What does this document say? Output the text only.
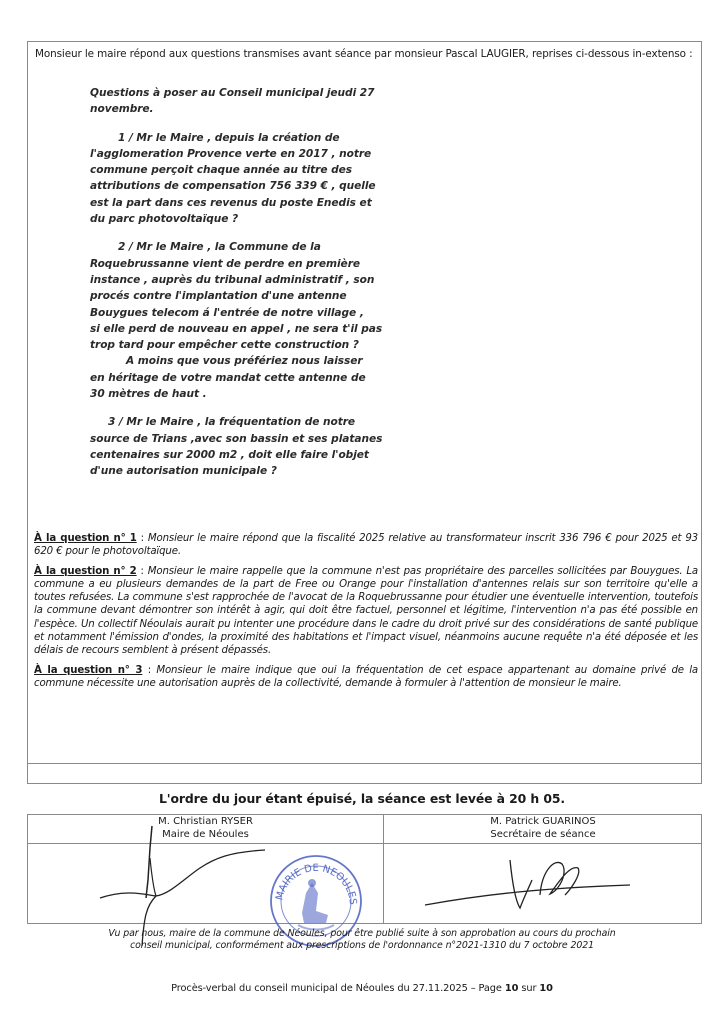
Monsieur le maire répond aux questions transmises avant séance par monsieur Pascal LAUGIER, reprises ci-dessous in-extenso :

Questions à poser au Conseil municipal jeudi 27

novembre.

1 / Mr le Maire , depuis la création de

l'agglomeration Provence verte en 2017 , notre

commune perçoit chaque année au titre des

attributions de compensation 756 339 € , quelle

est la part dans ces revenus du poste Enedis et

du parc photovoltaïque ?

2 / Mr le Maire , la Commune de la

Roquebrussanne vient de perdre en première

instance , auprès du tribunal administratif , son

procés contre l'implantation d'une antenne

Bouygues telecom á l'entrée de notre village ,

si elle perd de nouveau en appel , ne sera t'il pas

trop tard pour empêcher cette construction ?

A moins que vous préfériez nous laisser

en héritage de votre mandat cette antenne de

30 mètres de haut .

3 / Mr le Maire , la fréquentation de notre

source de Trians ,avec son bassin et ses platanes

centenaires sur 2000 m2 , doit elle faire l'objet

d'une autorisation municipale ?

À la question n° 1 : Monsieur le maire répond que la fiscalité 2025 relative au transformateur inscrit 336 796 € pour 2025 et 93 620 € pour le photovoltaïque.

À la question n° 2 : Monsieur le maire rappelle que la commune n'est pas propriétaire des parcelles sollicitées par Bouygues. La commune a eu plusieurs demandes de la part de Free ou Orange pour l'installation d'antennes relais sur son territoire qu'elle a toutes refusées. La commune s'est rapprochée de l'avocat de la Roquebrussanne pour étudier une éventuelle intervention, toutefois la commune devant démontrer son intérêt à agir, qui doit être factuel, personnel et légitime, l'intervention n'a pas été possible en l'espèce. Un collectif Néoulais aurait pu intenter une procédure dans le cadre du droit privé sur des considérations de santé publique et notamment l'émission d'ondes, la proximité des habitations et l'impact visuel, néanmoins aucune requête n'a été déposée et les délais de recours semblent à présent dépassés.

À la question n° 3 : Monsieur le maire indique que oui la fréquentation de cet espace appartenant au domaine privé de la commune nécessite une autorisation auprès de la collectivité, demande à formuler à l'attention de monsieur le maire.

L'ordre du jour étant épuisé, la séance est levée à 20 h 05.
M. Christian RYSER
Maire de Néoules
M. Patrick GUARINOS
Secrétaire de séance
MAIRIE DE NEOULES
Vu par nous, maire de la commune de Néoules, pour être publié suite à son approbation au cours du prochain
conseil municipal, conformément aux prescriptions de l'ordonnance n°2021-1310 du 7 octobre 2021
Procès-verbal du conseil municipal de Néoules du 27.11.2025 – Page 10 sur 10
